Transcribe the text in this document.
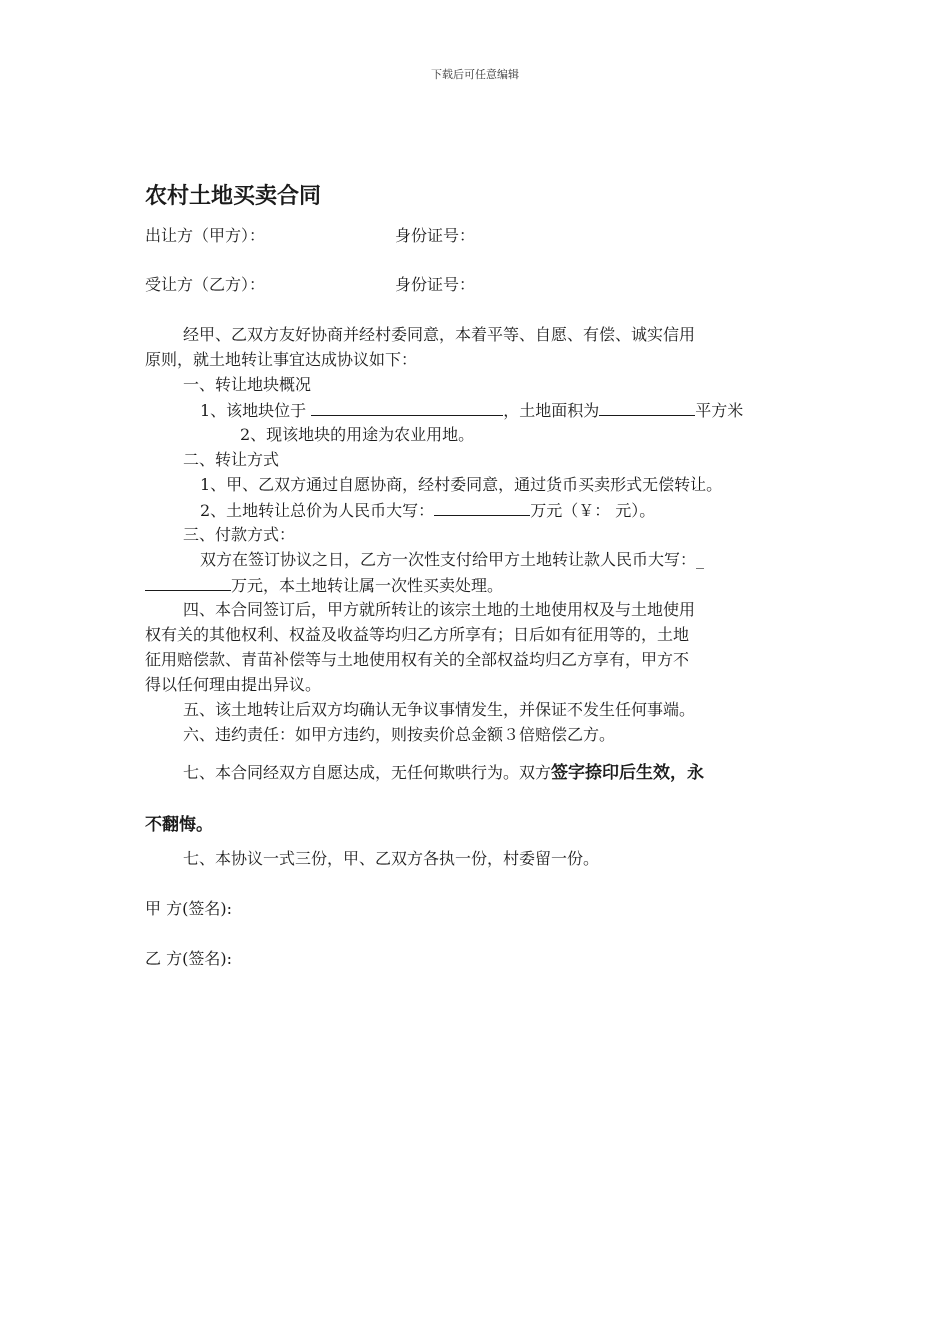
下载后可任意编辑
农村土地买卖合同
出让方（甲方）：	身份证号：
受让方（乙方）：	身份证号：
经甲、乙双方友好协商并经村委同意，本着平等、自愿、有偿、诚实信用
原则，就土地转让事宜达成协议如下：
一、转让地块概况
1、该地块位于	，土地面积为	平方米
2、现该地块的用途为农业用地。
二、转让方式
1、甲、乙双方通过自愿协商，经村委同意，通过货币买卖形式无偿转让。
2、土地转让总价为人民币大写：	万元（￥： 元）。
三、付款方式：
双方在签订协议之日，乙方一次性支付给甲方土地转让款人民币大写：_
万元，本土地转让属一次性买卖处理。
四、本合同签订后，甲方就所转让的该宗土地的土地使用权及与土地使用
权有关的其他权利、权益及收益等均归乙方所享有；日后如有征用等的，土地
征用赔偿款、青苗补偿等与土地使用权有关的全部权益均归乙方享有，甲方不
得以任何理由提出异议。
五、该土地转让后双方均确认无争议事情发生，并保证不发生任何事端。
六、违约责任：如甲方违约，则按卖价总金额３倍赔偿乙方。
七、本合同经双方自愿达成，无任何欺哄行为。双方签字捺印后生效，永
不翻悔。
七、本协议一式三份，甲、乙双方各执一份，村委留一份。
甲 方(签名):
乙 方(签名):
